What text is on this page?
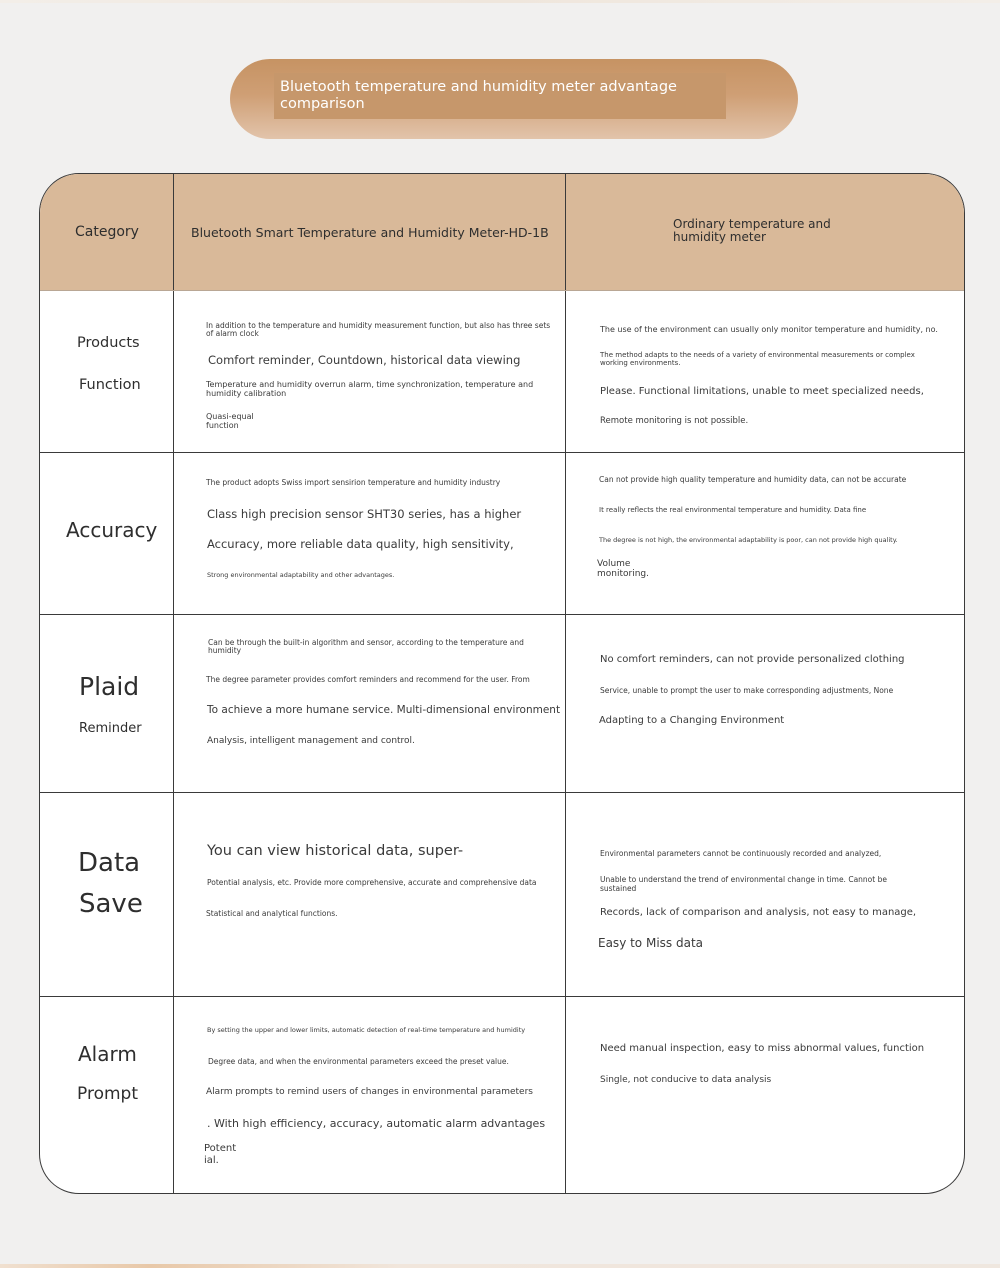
Bluetooth temperature and humidity meter advantage comparison
Category	Bluetooth Smart Temperature and Humidity Meter-HD-1B
Ordinary temperature and humidity meter
Products
Function
In addition to the temperature and humidity measurement function, but also has three sets of alarm clock
Comfort reminder, Countdown, historical data viewing
Temperature and humidity overrun alarm, time synchronization, temperature and humidity calibration
Quasi-equal function
The use of the environment can usually only monitor temperature and humidity, no.
The method adapts to the needs of a variety of environmental measurements or complex working environments.
Please. Functional limitations, unable to meet specialized needs,
Remote monitoring is not possible.
Accuracy
The product adopts Swiss import sensirion temperature and humidity industry
Class high precision sensor SHT30 series, has a higher
Accuracy, more reliable data quality, high sensitivity,
Strong environmental adaptability and other advantages.
Can not provide high quality temperature and humidity data, can not be accurate
It really reflects the real environmental temperature and humidity. Data fine
The degree is not high, the environmental adaptability is poor, can not provide high quality.
Volume monitoring.
Plaid
Reminder
Can be through the built-in algorithm and sensor, according to the temperature and humidity
The degree parameter provides comfort reminders and recommend for the user. From
To achieve a more humane service. Multi-dimensional environment
Analysis, intelligent management and control.
No comfort reminders, can not provide personalized clothing
Service, unable to prompt the user to make corresponding adjustments, None
Adapting to a Changing Environment
Data
Save
You can view historical data, super-
Potential analysis, etc. Provide more comprehensive, accurate and comprehensive data
Statistical and analytical functions.
Environmental parameters cannot be continuously recorded and analyzed,
Unable to understand the trend of environmental change in time. Cannot be sustained
Records, lack of comparison and analysis, not easy to manage,
Easy to Miss data
Alarm
Prompt
By setting the upper and lower limits, automatic detection of real-time temperature and humidity
Degree data, and when the environmental parameters exceed the preset value.
Alarm prompts to remind users of changes in environmental parameters
. With high efficiency, accuracy, automatic alarm advantages
Potent ial.
Need manual inspection, easy to miss abnormal values, function
Single, not conducive to data analysis
